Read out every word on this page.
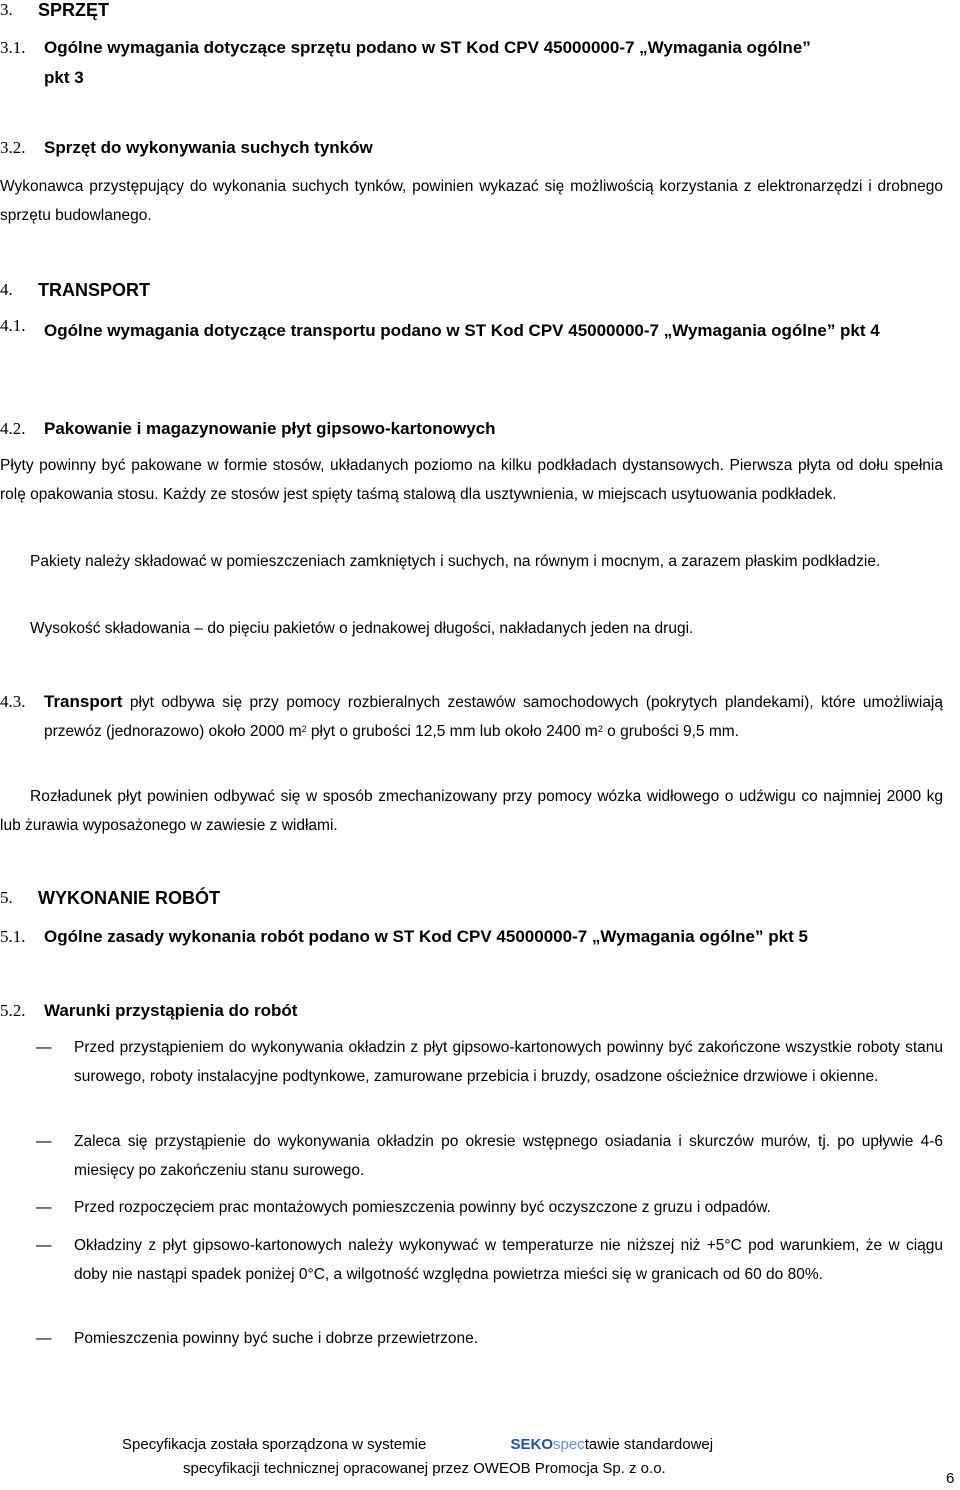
3. SPRZĘT
3.1. Ogólne wymagania dotyczące sprzętu podano w ST Kod CPV 45000000-7 „Wymagania ogólne”
pkt 3
3.2. Sprzęt do wykonywania suchych tynków
Wykonawca przystępujący do wykonania suchych tynków, powinien wykazać się możliwością korzystania z elektronarzędzi i drobnego sprzętu budowlanego.
4. TRANSPORT
4.1. Ogólne wymagania dotyczące transportu podano w ST Kod CPV 45000000-7 „Wymagania ogólne” pkt 4
4.2. Pakowanie i magazynowanie płyt gipsowo-kartonowych
Płyty powinny być pakowane w formie stosów, układanych poziomo na kilku podkładach dystansowych. Pierwsza płyta od dołu spełnia rolę opakowania stosu. Każdy ze stosów jest spięty taśmą stalową dla usztywnienia, w miejscach usytuowania podkładek.
Pakiety należy składować w pomieszczeniach zamkniętych i suchych, na równym i mocnym, a zarazem płaskim podkładzie.
Wysokość składowania – do pięciu pakietów o jednakowej długości, nakładanych jeden na drugi.
4.3. Transport płyt odbywa się przy pomocy rozbieralnych zestawów samochodowych (pokrytych plandekami), które umożliwiają przewóz (jednorazowo) około 2000 $m^2$ płyt o grubości 12,5 mm lub około 2400 $m^2$ o grubości 9,5 mm.
Rozładunek płyt powinien odbywać się w sposób zmechanizowany przy pomocy wózka widłowego o udźwigu co najmniej 2000 kg lub żurawia wyposażonego w zawiesie z widłami.
5. WYKONANIE ROBÓT
5.1. Ogólne zasady wykonania robót podano w ST Kod CPV 45000000-7 „Wymagania ogólne” pkt 5
5.2. Warunki przystąpienia do robót
— Przed przystąpieniem do wykonywania okładzin z płyt gipsowo-kartonowych powinny być zakończone wszystkie roboty stanu surowego, roboty instalacyjne podtynkowe, zamurowane przebicia i bruzdy, osadzone ościeżnice drzwiowe i okienne.
— Zaleca się przystąpienie do wykonywania okładzin po okresie wstępnego osiadania i skurczów murów, tj. po upływie 4-6 miesięcy po zakończeniu stanu surowego.
— Przed rozpoczęciem prac montażowych pomieszczenia powinny być oczyszczone z gruzu i odpadów.
— Okładziny z płyt gipsowo-kartonowych należy wykonywać w temperaturze nie niższej niż +5°C pod warunkiem, że w ciągu doby nie nastąpi spadek poniżej 0°C, a wilgotność względna powietrza mieści się w granicach od 60 do 80%.
— Pomieszczenia powinny być suche i dobrze przewietrzone.
Specyfikacja została sporządzona w systemie	SEKOspectawie standardowej
specyfikacji technicznej opracowanej przez OWEOB Promocja Sp. z o.o.
6
